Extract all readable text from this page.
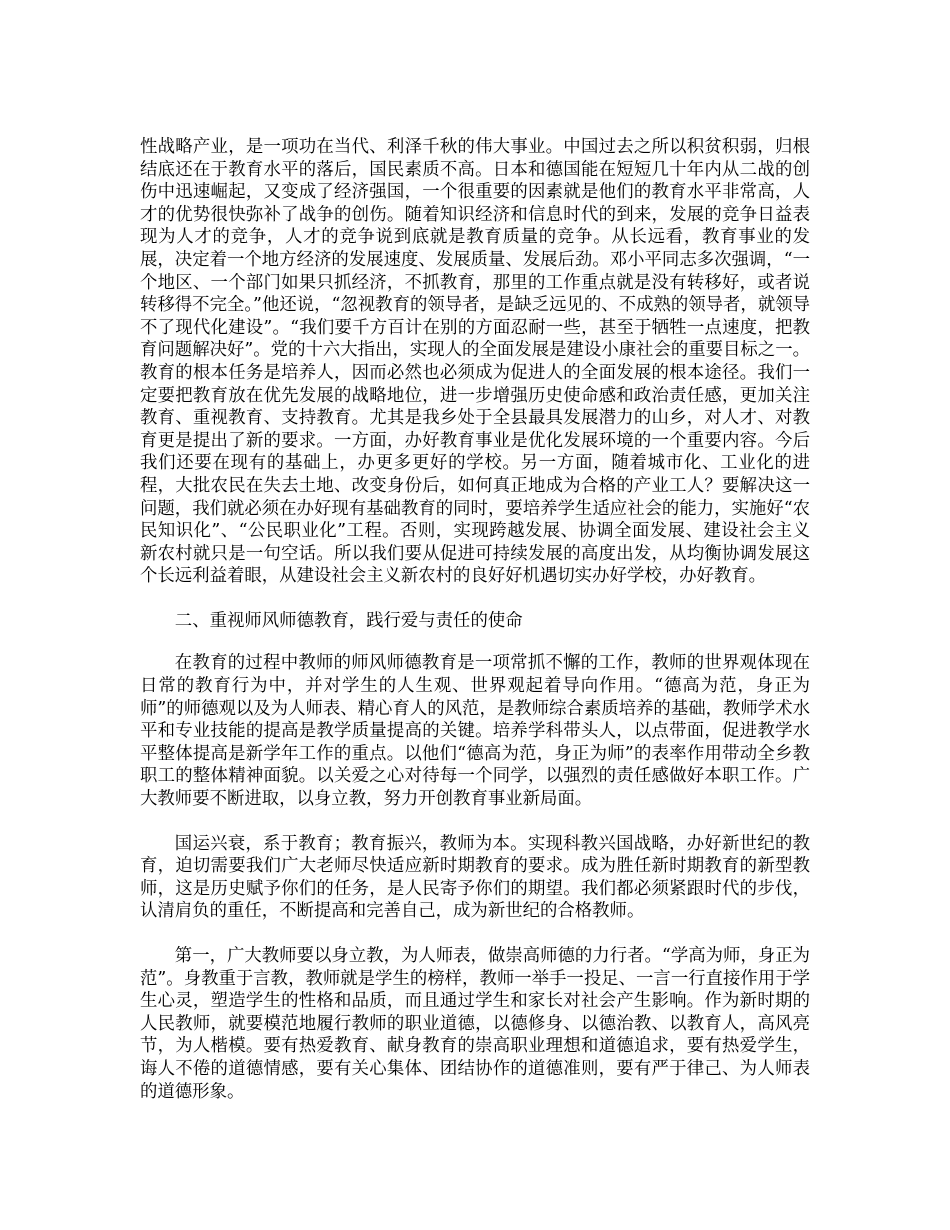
性战略产业，是一项功在当代、利泽千秋的伟大事业。中国过去之所以积贫积弱，归根结底还在于教育水平的落后，国民素质不高。日本和德国能在短短几十年内从二战的创伤中迅速崛起，又变成了经济强国，一个很重要的因素就是他们的教育水平非常高，人才的优势很快弥补了战争的创伤。随着知识经济和信息时代的到来，发展的竞争日益表现为人才的竞争，人才的竞争说到底就是教育质量的竞争。从长远看，教育事业的发展，决定着一个地方经济的发展速度、发展质量、发展后劲。邓小平同志多次强调，“一个地区、一个部门如果只抓经济，不抓教育，那里的工作重点就是没有转移好，或者说转移得不完全。”他还说，“忽视教育的领导者，是缺乏远见的、不成熟的领导者，就领导不了现代化建设”。“我们要千方百计在别的方面忍耐一些，甚至于牺牲一点速度，把教育问题解决好”。党的十六大指出，实现人的全面发展是建设小康社会的重要目标之一。教育的根本任务是培养人，因而必然也必须成为促进人的全面发展的根本途径。我们一定要把教育放在优先发展的战略地位，进一步增强历史使命感和政治责任感，更加关注教育、重视教育、支持教育。尤其是我乡处于全县最具发展潜力的山乡，对人才、对教育更是提出了新的要求。一方面，办好教育事业是优化发展环境的一个重要内容。今后我们还要在现有的基础上，办更多更好的学校。另一方面，随着城市化、工业化的进程，大批农民在失去土地、改变身份后，如何真正地成为合格的产业工人？要解决这一问题，我们就必须在办好现有基础教育的同时，要培养学生适应社会的能力，实施好“农民知识化”、“公民职业化”工程。否则，实现跨越发展、协调全面发展、建设社会主义新农村就只是一句空话。所以我们要从促进可持续发展的高度出发，从均衡协调发展这个长远利益着眼，从建设社会主义新农村的良好好机遇切实办好学校，办好教育。

二、重视师风师德教育，践行爱与责任的使命

在教育的过程中教师的师风师德教育是一项常抓不懈的工作，教师的世界观体现在日常的教育行为中，并对学生的人生观、世界观起着导向作用。“德高为范，身正为师”的师德观以及为人师表、精心育人的风范，是教师综合素质培养的基础，教师学术水平和专业技能的提高是教学质量提高的关键。培养学科带头人，以点带面，促进教学水平整体提高是新学年工作的重点。以他们“德高为范，身正为师”的表率作用带动全乡教职工的整体精神面貌。以关爱之心对待每一个同学，以强烈的责任感做好本职工作。广大教师要不断进取，以身立教，努力开创教育事业新局面。

国运兴衰，系于教育；教育振兴，教师为本。实现科教兴国战略，办好新世纪的教育，迫切需要我们广大老师尽快适应新时期教育的要求。成为胜任新时期教育的新型教师，这是历史赋予你们的任务，是人民寄予你们的期望。我们都必须紧跟时代的步伐，认清肩负的重任，不断提高和完善自己，成为新世纪的合格教师。

第一，广大教师要以身立教，为人师表，做崇高师德的力行者。“学高为师，身正为范”。身教重于言教，教师就是学生的榜样，教师一举手一投足、一言一行直接作用于学生心灵，塑造学生的性格和品质，而且通过学生和家长对社会产生影响。作为新时期的人民教师，就要模范地履行教师的职业道德，以德修身、以德治教、以教育人，高风亮节，为人楷模。要有热爱教育、献身教育的崇高职业理想和道德追求，要有热爱学生，诲人不倦的道德情感，要有关心集体、团结协作的道德准则，要有严于律己、为人师表的道德形象。
